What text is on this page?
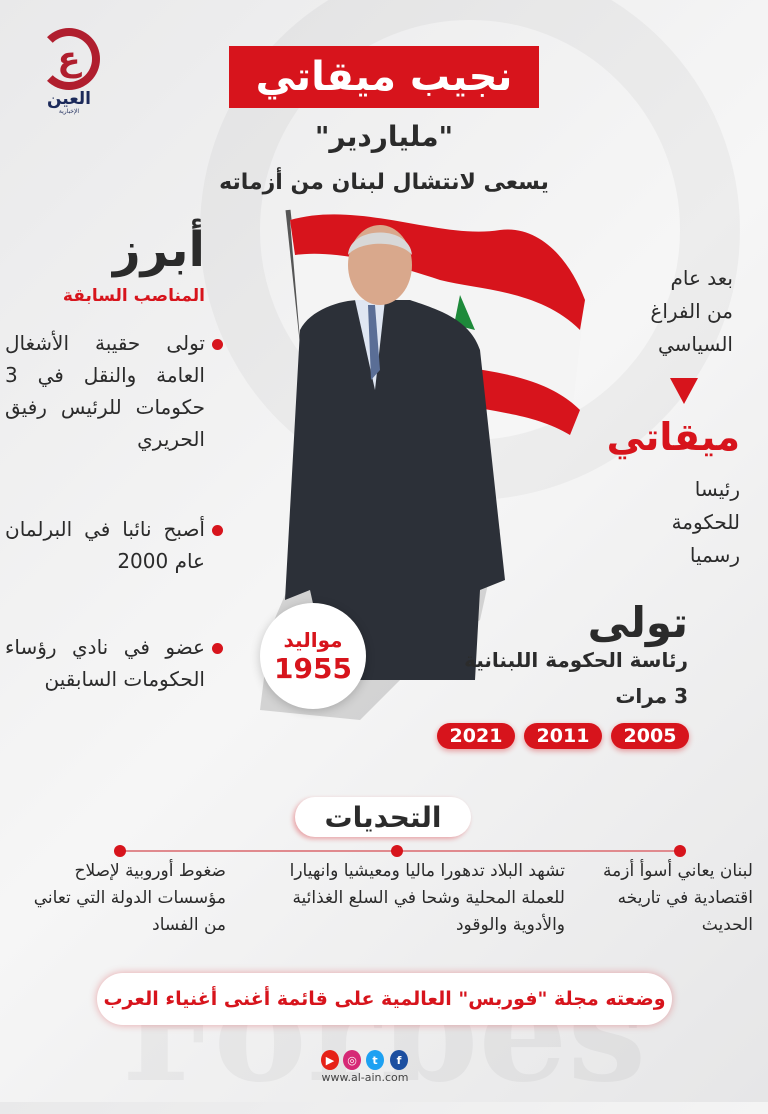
ع
العين
الإخبارية
نجيب ميقاتي
"ملياردير"
يسعى لانتشال لبنان من أزماته
أبرز
المناصب السابقة
تولى حقيبة الأشغال العامة والنقل في 3 حكومات للرئيس رفيق الحريري
أصبح نائبا في البرلمان عام 2000
عضو في نادي رؤساء الحكومات السابقين
مواليد
1955
بعد عام
من الفراغ
السياسي
ميقاتي
رئيسا
للحكومة
رسميا
تولى
رئاسة الحكومة اللبنانية
3 مرات
2005
2011
2021
التحديات
لبنان يعاني أسوأ أزمة اقتصادية في تاريخه الحديث
تشهد البلاد تدهورا ماليا ومعيشيا وانهيارا للعملة المحلية وشحا في السلع الغذائية والأدوية والوقود
ضغوط أوروبية لإصلاح مؤسسات الدولة التي تعاني من الفساد
وضعته مجلة "فوربس" العالمية على قائمة أغنى أغنياء العرب
▶	◎	t	f
www.al-ain.com
